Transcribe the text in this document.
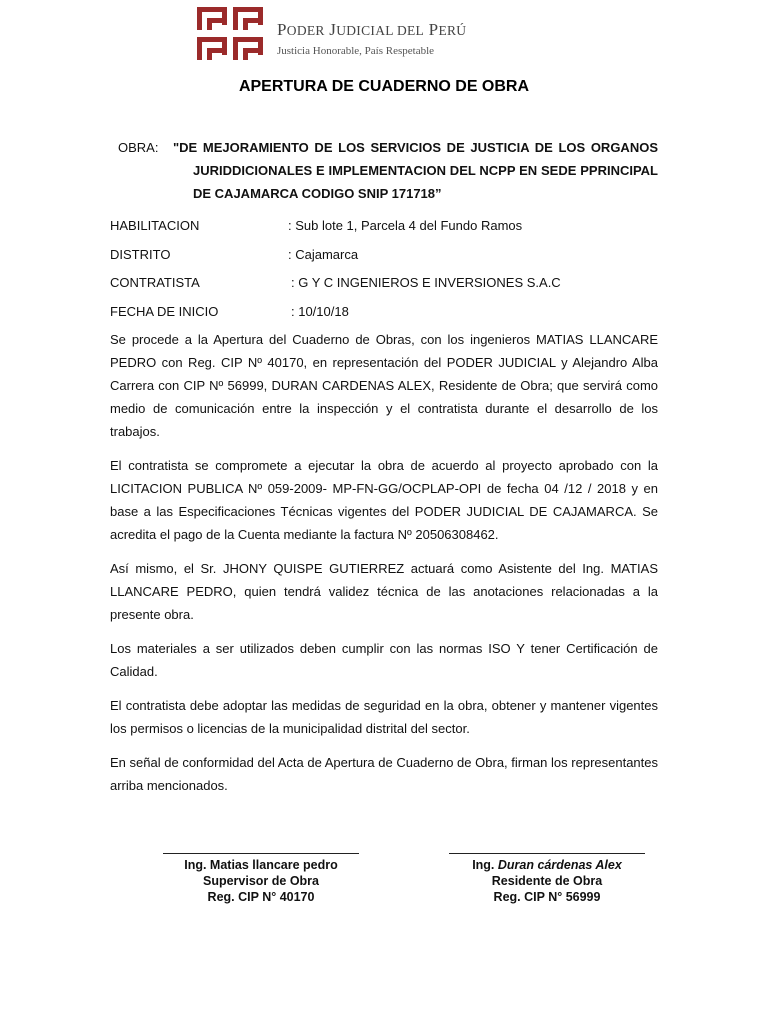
PODER JUDICIAL DEL PERÚ
Justicia Honorable, País Respetable
APERTURA DE CUADERNO DE OBRA
OBRA:	"DE MEJORAMIENTO DE LOS SERVICIOS DE JUSTICIA DE LOS ORGANOS JURIDDICIONALES E IMPLEMENTACION DEL NCPP EN SEDE PPRINCIPAL DE CAJAMARCA CODIGO SNIP 171718”

HABILITACION	: Sub lote 1, Parcela 4 del Fundo Ramos
DISTRITO	: Cajamarca
CONTRATISTA	: G Y C INGENIEROS E INVERSIONES S.A.C
FECHA DE INICIO	: 10/10/18

Se procede a la Apertura del Cuaderno de Obras, con los ingenieros MATIAS LLANCARE PEDRO con Reg. CIP Nº 40170, en representación del PODER JUDICIAL y Alejandro Alba Carrera con CIP Nº 56999, DURAN CARDENAS ALEX, Residente de Obra; que servirá como medio de comunicación entre la inspección y el contratista durante el desarrollo de los trabajos.

El contratista se compromete a ejecutar la obra de acuerdo al proyecto aprobado con la LICITACION PUBLICA Nº 059-2009- MP-FN-GG/OCPLAP-OPI de fecha 04 /12 / 2018 y en base a las Especificaciones Técnicas vigentes del PODER JUDICIAL DE CAJAMARCA. Se acredita el pago de la Cuenta mediante la factura Nº 20506308462.

Así mismo, el Sr. JHONY QUISPE GUTIERREZ actuará como Asistente del Ing. MATIAS LLANCARE PEDRO, quien tendrá validez técnica de las anotaciones relacionadas a la presente obra.

Los materiales a ser utilizados deben cumplir con las normas ISO Y tener Certificación de Calidad.

El contratista debe adoptar las medidas de seguridad en la obra, obtener y mantener vigentes los permisos o licencias de la municipalidad distrital del sector.

En señal de conformidad del Acta de Apertura de Cuaderno de Obra, firman los representantes arriba mencionados.

Ing. Matias llancare pedro
Supervisor de Obra
Reg. CIP N° 40170
Ing. Duran cárdenas Alex
Residente de Obra
Reg. CIP N° 56999
